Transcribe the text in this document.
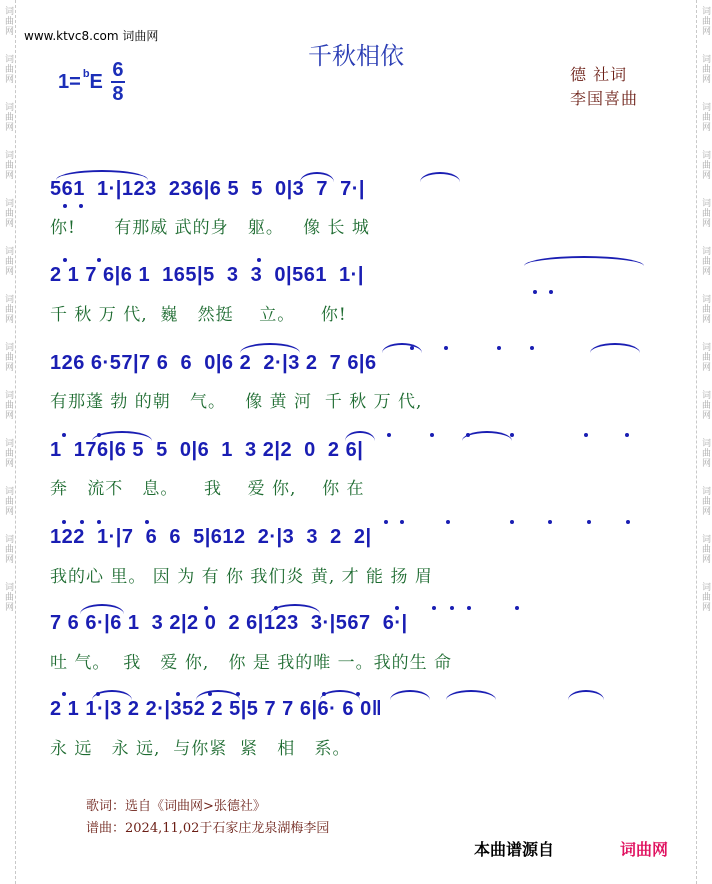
词曲网
词曲网
词曲网
词曲网
词曲网
词曲网
词曲网
词曲网
词曲网
词曲网
词曲网
词曲网
词曲网
词曲网
词曲网
词曲网
词曲网
词曲网
词曲网
词曲网
词曲网
词曲网
词曲网
词曲网
词曲网
词曲网
www.ktvc8.com 词曲网
千秋相依
1= b E $\frac{6}{8}$	德 社词
李国喜曲
561  1·|123  236|6 5  5  0|3  7  7·|
你!      有那威 武的身   躯。   像 长 城
2 1 7 6|6 1  165|5  3  3  0|561  1·|
千 秋 万 代,  巍   然挺    立。    你!
126 6·57|7 6  6  0|6 2  2·|3 2  7 6|6
有那蓬 勃 的朝   气。   像 黄 河  千 秋 万 代,
1  176|6 5  5  0|6  1  3 2|2  0  2 6|
奔   流不   息。    我    爱 你,    你 在
122  1·|7  6  6  5|612  2·|3  3  2  2|
我的心 里。 因 为 有 你 我们炎 黄, 才 能 扬 眉
7 6 6·|6 1  3 2|2 0  2 6|123  3·|567  6·|
吐 气。  我   爱 你,   你 是 我的唯 一。我的生 命
2 1 1·|3 2 2·|352 2 5|5 7 7 6|6· 6 0‖
永 远   永 远,  与你紧  紧   相   系。
歌词：选自《词曲网>张德社》
谱曲：2024,11,02于石家庄龙泉湖梅李园
本曲谱源自	词曲网
